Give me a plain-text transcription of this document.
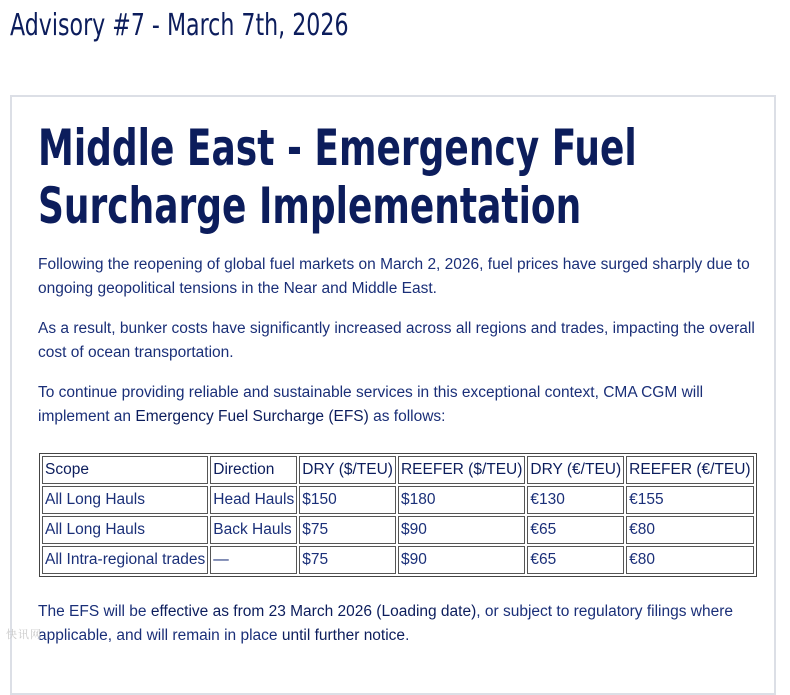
Advisory #7 - March 7th, 2026
Middle East - Emergency Fuel Surcharge Implementation

Following the reopening of global fuel markets on March 2, 2026, fuel prices have surged sharply due to ongoing geopolitical tensions in the Near and Middle East.

As a result, bunker costs have significantly increased across all regions and trades, impacting the overall cost of ocean transportation.

To continue providing reliable and sustainable services in this exceptional context, CMA CGM will implement an Emergency Fuel Surcharge (EFS) as follows:

Scope	Direction	DRY ($/TEU)	REEFER ($/TEU)	DRY (€/TEU)	REEFER (€/TEU)
All Long Hauls	Head Hauls	$150	$180	€130	€155
All Long Hauls	Back Hauls	$75	$90	€65	€80
All Intra-regional trades	—	$75	$90	€65	€80

The EFS will be effective as from 23 March 2026 (Loading date), or subject to regulatory filings where applicable, and will remain in place until further notice.

快讯网
